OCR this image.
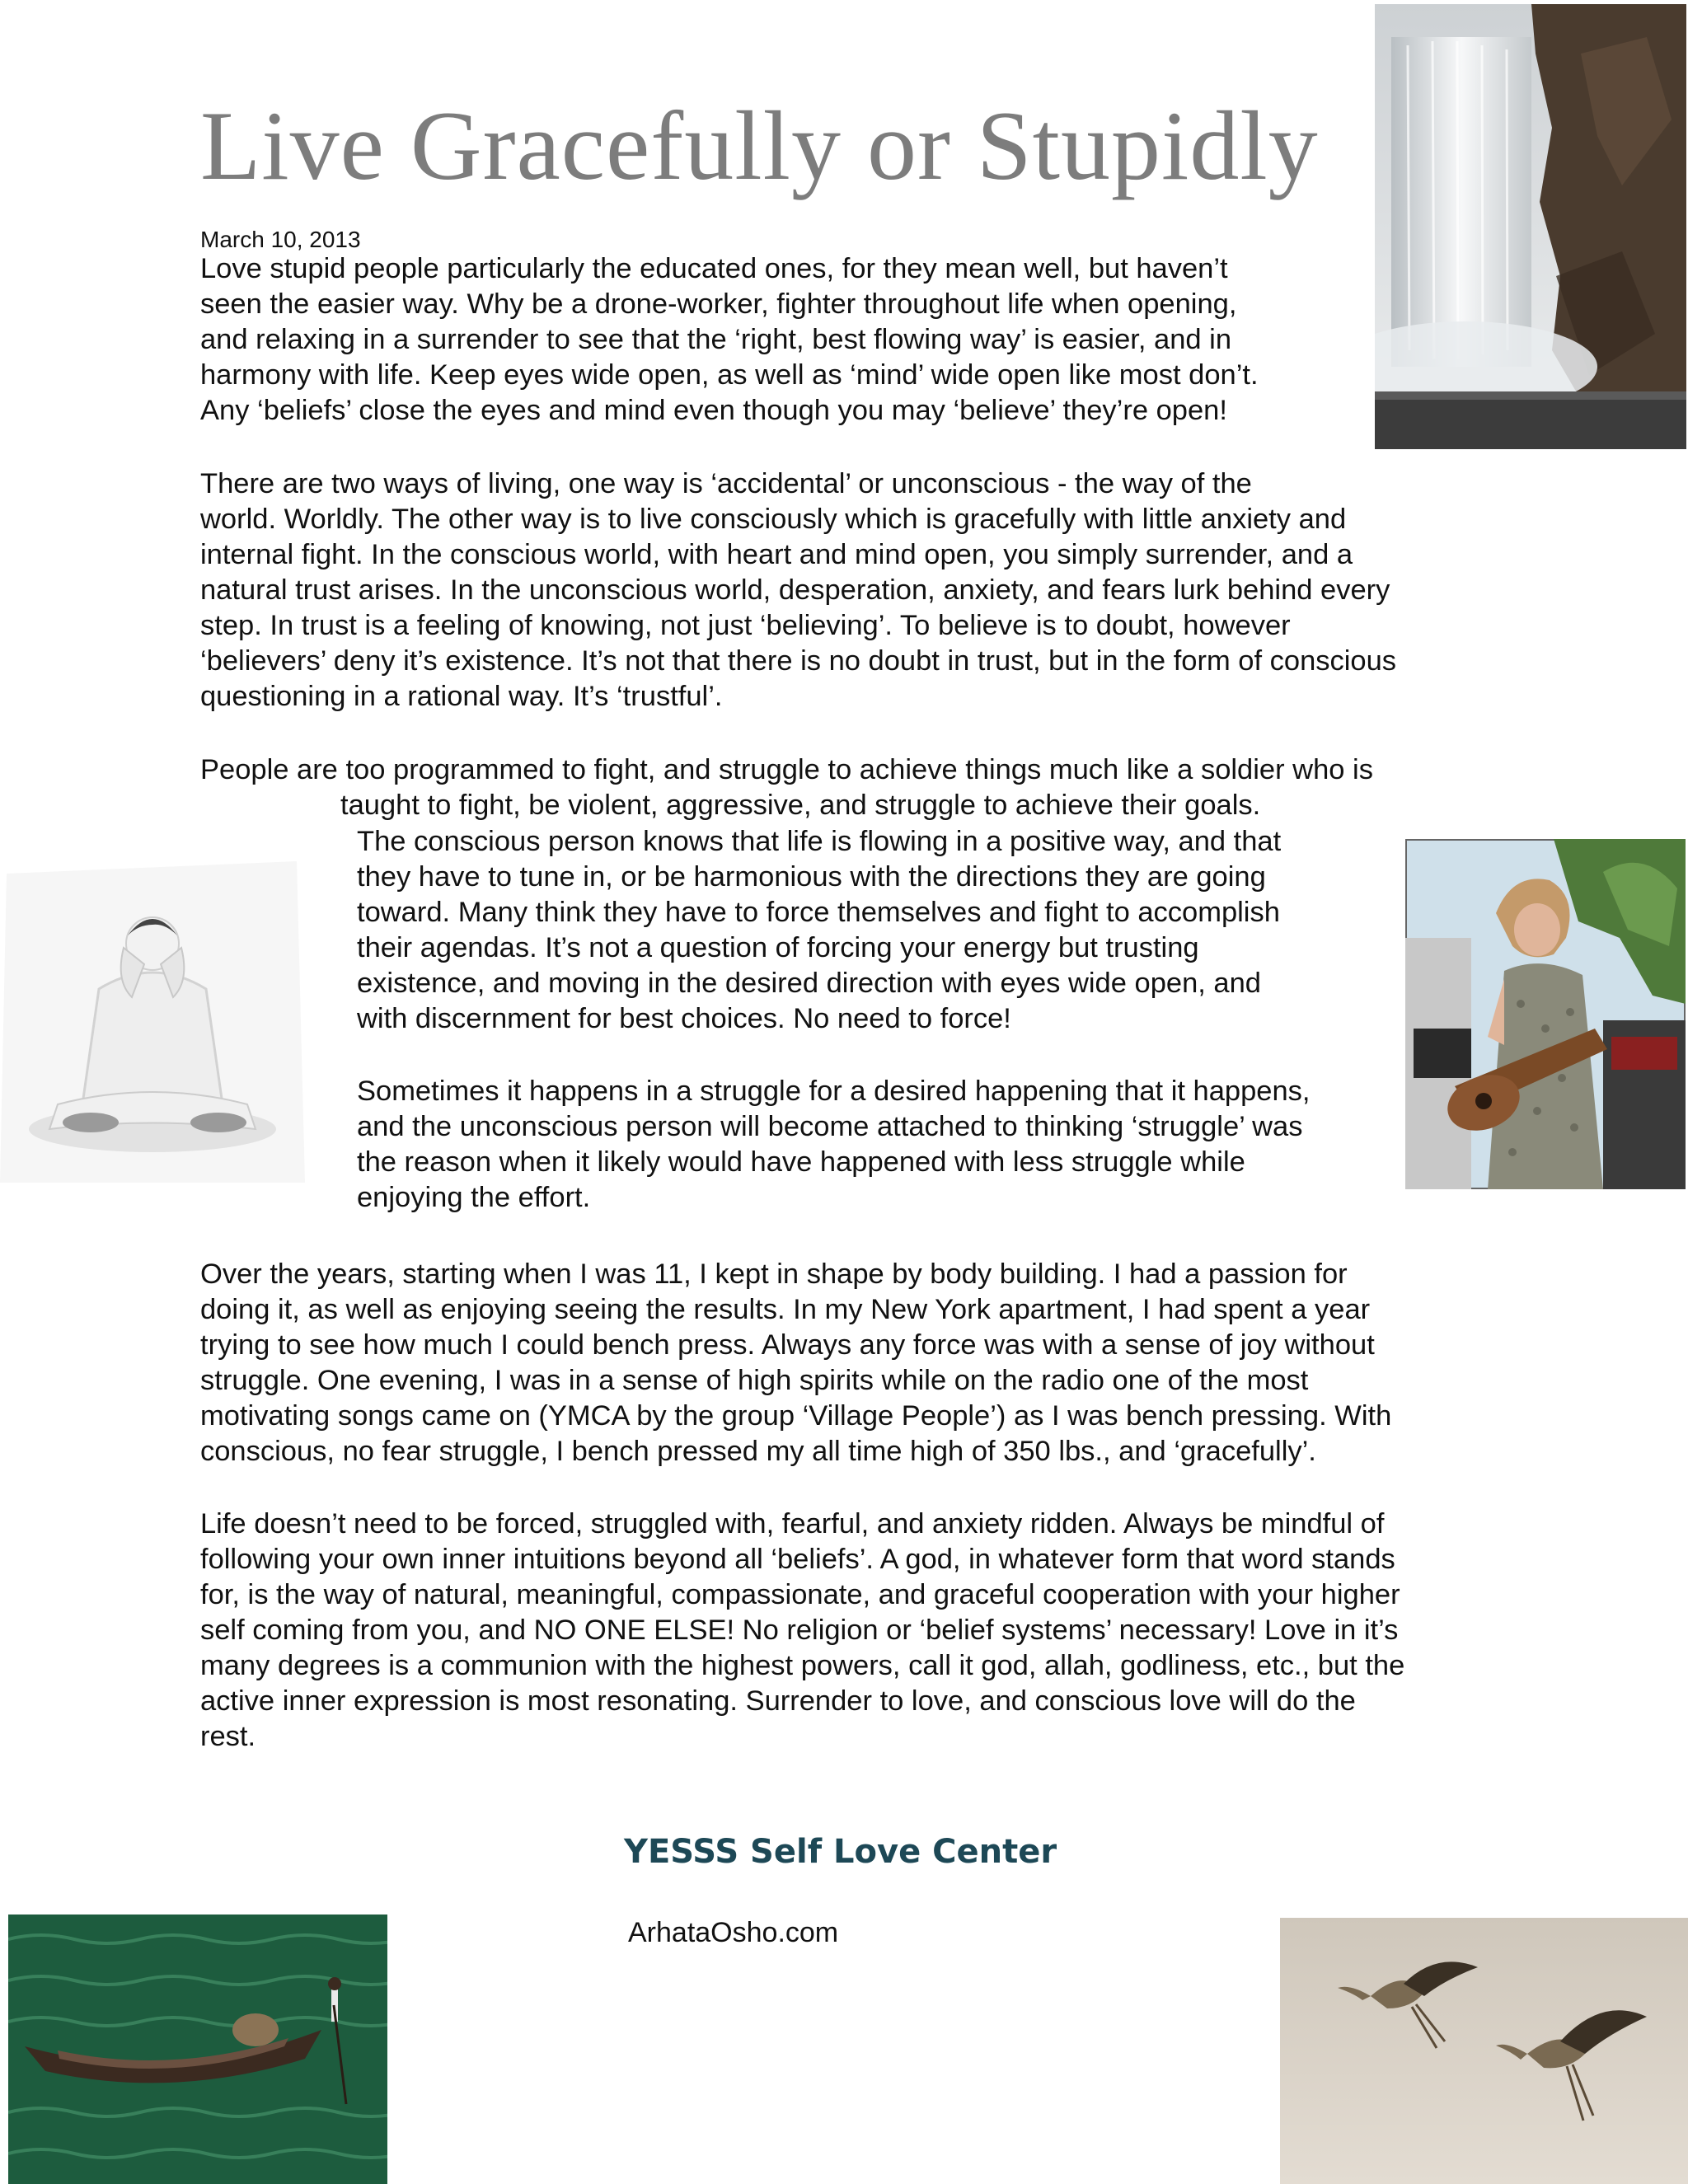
Live Gracefully or Stupidly
March 10, 2013
Love stupid people particularly the educated ones, for they mean well, but haven’t
seen the easier way. Why be a drone-worker, fighter throughout life when opening,
and relaxing in a surrender to see that the ‘right, best flowing way’ is easier, and in
harmony with life. Keep eyes wide open, as well as ‘mind’ wide open like most don’t.
Any ‘beliefs’ close the eyes and mind even though you may ‘believe’ they’re open!
There are two ways of living, one way is ‘accidental’ or unconscious - the way of the
world. Worldly. The other way is to live consciously which is gracefully with little anxiety and
internal fight. In the conscious world, with heart and mind open, you simply surrender, and a
natural trust arises. In the unconscious world, desperation, anxiety, and fears lurk behind every
step. In trust is a feeling of knowing, not just ‘believing’. To believe is to doubt, however
‘believers’ deny it’s existence. It’s not that there is no doubt in trust, but in the form of conscious
questioning in a rational way. It’s ‘trustful’.
People are too programmed to fight, and struggle to achieve things much like a soldier who is
taught to fight, be violent, aggressive, and struggle to achieve their goals.
The conscious person knows that life is flowing in a positive way, and that
they have to tune in, or be harmonious with the directions they are going
toward. Many think they have to force themselves and fight to accomplish
their agendas. It’s not a question of forcing your energy but trusting
existence, and moving in the desired direction with eyes wide open, and
with discernment for best choices. No need to force!
Sometimes it happens in a struggle for a desired happening that it happens,
and the unconscious person will become attached to thinking ‘struggle’ was
the reason when it likely would have happened with less struggle while
enjoying the effort.
Over the years, starting when I was 11, I kept in shape by body building. I had a passion for
doing it, as well as enjoying seeing the results. In my New York apartment, I had spent a year
trying to see how much I could bench press. Always any force was with a sense of joy without
struggle. One evening, I was in a sense of high spirits while on the radio one of the most
motivating songs came on (YMCA by the group ‘Village People’) as I was bench pressing. With
conscious, no fear struggle, I bench pressed my all time high of 350 lbs., and ‘gracefully’.
Life doesn’t need to be forced, struggled with, fearful, and anxiety ridden. Always be mindful of
following your own inner intuitions beyond all ‘beliefs’. A god, in whatever form that word stands
for, is the way of natural, meaningful, compassionate, and graceful cooperation with your higher
self coming from you, and NO ONE ELSE! No religion or ‘belief systems’ necessary! Love in it’s
many degrees is a communion with the highest powers, call it god, allah, godliness, etc., but the
active inner expression is most resonating. Surrender to love, and conscious love will do the
rest.
YESSS Self Love Center
ArhataOsho.com
